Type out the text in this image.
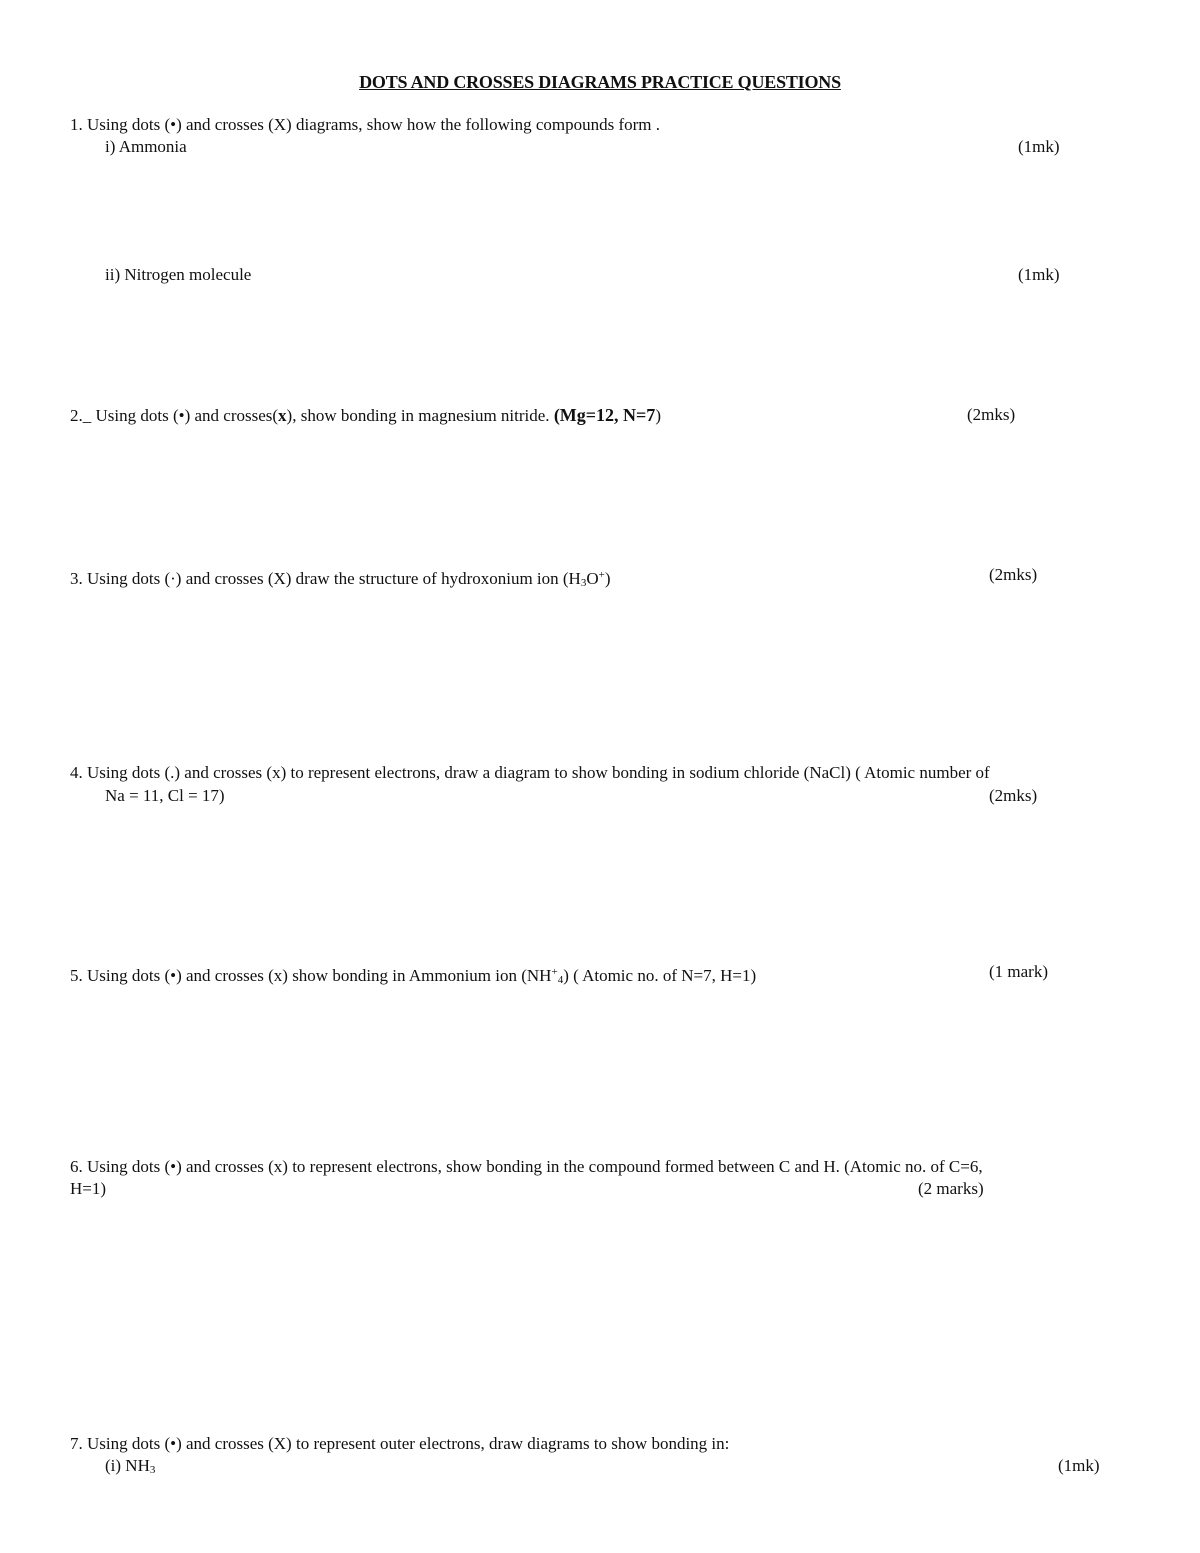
DOTS AND CROSSES DIAGRAMS PRACTICE QUESTIONS
1. Using dots (•) and crosses (X) diagrams, show how the following compounds form .
i) Ammonia	(1mk)
ii) Nitrogen molecule	(1mk)
2._ Using dots (•) and crosses(x), show bonding in magnesium nitride. (Mg=12, N=7)	(2mks)
3. Using dots (·) and crosses (X) draw the structure of hydroxonium ion $(H_3O^+)$	(2mks)
4. Using dots (.) and crosses (x) to represent electrons, draw a diagram to show bonding in sodium chloride (NaCl) ( Atomic number of
Na = 11, Cl = 17)	(2mks)
5. Using dots (•) and crosses (x) show bonding in Ammonium ion $(NH^+_4)$ ( Atomic no. of N=7, H=1)	(1 mark)
6. Using dots (•) and crosses (x) to represent electrons, show bonding in the compound formed between C and H. (Atomic no. of C=6,
H=1)	(2 marks)
7. Using dots (•) and crosses (X) to represent outer electrons, draw diagrams to show bonding in:
(i) $NH_3$	(1mk)
